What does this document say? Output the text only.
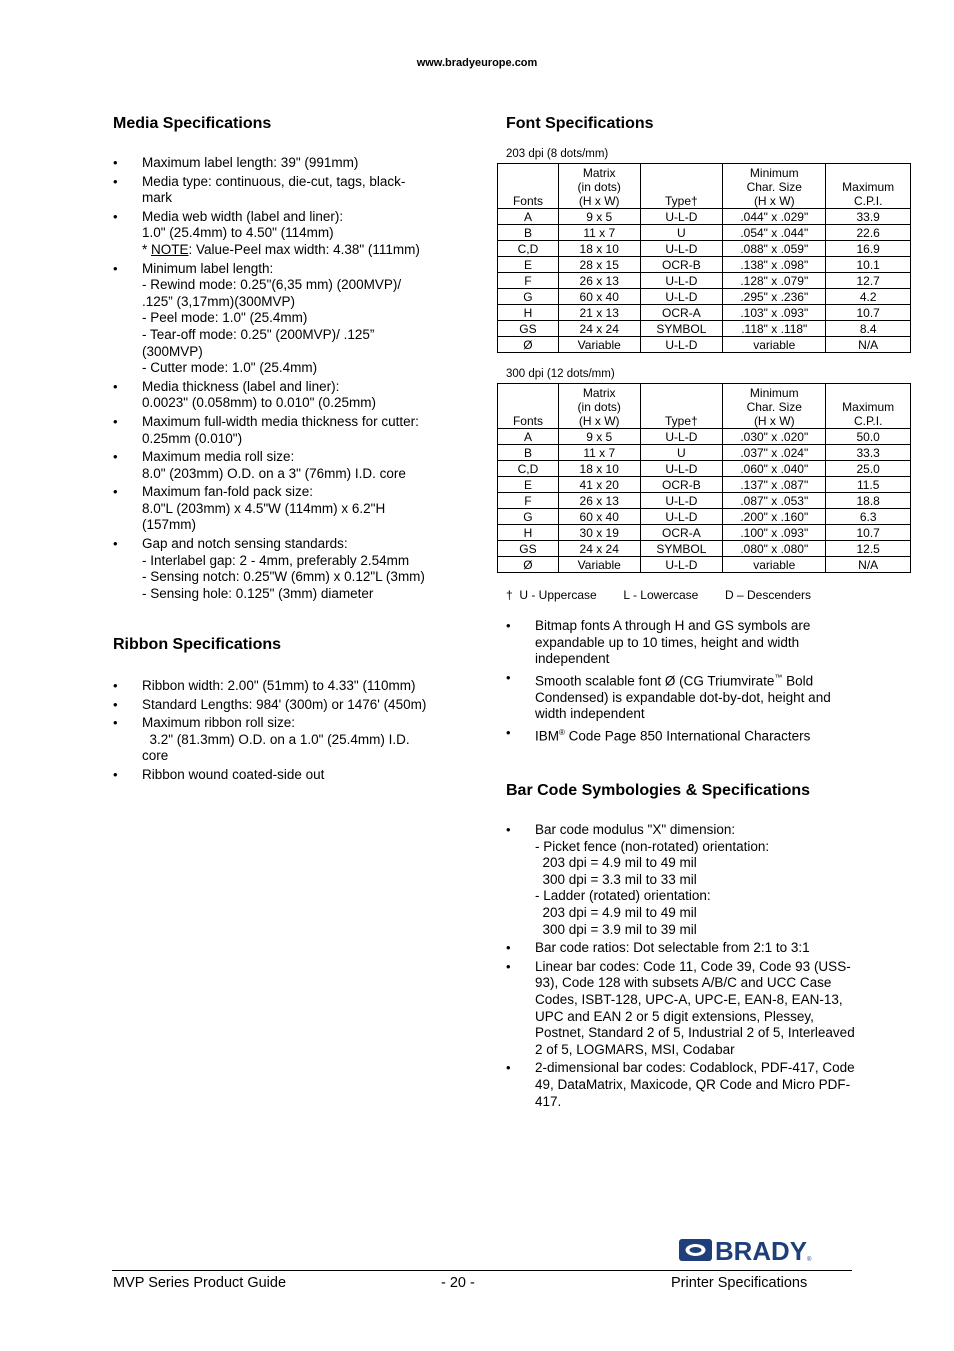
www.bradyeurope.com
Media Specifications
• Maximum label length: 39" (991mm)
• Media type: continuous, die-cut, tags, black-
mark
• Media web width (label and liner):
1.0" (25.4mm) to 4.50" (114mm)
* NOTE: Value-Peel max width: 4.38" (111mm)
• Minimum label length:
- Rewind mode: 0.25"(6,35 mm) (200MVP)/
.125” (3,17mm)(300MVP)
- Peel mode: 1.0" (25.4mm)
- Tear-off mode: 0.25" (200MVP)/ .125”
(300MVP)
- Cutter mode: 1.0" (25.4mm)
• Media thickness (label and liner):
0.0023" (0.058mm) to 0.010" (0.25mm)
• Maximum full-width media thickness for cutter:
0.25mm (0.010")
• Maximum media roll size:
8.0" (203mm) O.D. on a 3" (76mm) I.D. core
• Maximum fan-fold pack size:
8.0"L (203mm) x 4.5"W (114mm) x 6.2"H
(157mm)
• Gap and notch sensing standards:
- Interlabel gap: 2 - 4mm, preferably 2.54mm
- Sensing notch: 0.25"W (6mm) x 0.12"L (3mm)
- Sensing hole: 0.125" (3mm) diameter
Ribbon Specifications
• Ribbon width: 2.00" (51mm) to 4.33" (110mm)
• Standard Lengths: 984' (300m) or 1476' (450m)
• Maximum ribbon roll size:
3.2" (81.3mm) O.D. on a 1.0" (25.4mm) I.D.
core
• Ribbon wound coated-side out
Font Specifications
203 dpi (8 dots/mm)
Fonts	Matrix
(in dots)
(H x W)	Type†	Minimum
Char. Size
(H x W)	Maximum
C.P.I.
A	9 x 5	U-L-D	.044" x .029"	33.9
B	11 x 7	U	.054" x .044"	22.6
C,D	18 x 10	U-L-D	.088" x .059"	16.9
E	28 x 15	OCR-B	.138" x .098"	10.1
F	26 x 13	U-L-D	.128" x .079"	12.7
G	60 x 40	U-L-D	.295" x .236"	4.2
H	21 x 13	OCR-A	.103" x .093"	10.7
GS	24 x 24	SYMBOL	.118" x .118"	8.4
Ø	Variable	U-L-D	variable	N/A
300 dpi (12 dots/mm)
Fonts	Matrix
(in dots)
(H x W)	Type†	Minimum
Char. Size
(H x W)	Maximum
C.P.I.
A	9 x 5	U-L-D	.030" x .020"	50.0
B	11 x 7	U	.037" x .024"	33.3
C,D	18 x 10	U-L-D	.060" x .040"	25.0
E	41 x 20	OCR-B	.137" x .087"	11.5
F	26 x 13	U-L-D	.087" x .053"	18.8
G	60 x 40	U-L-D	.200" x .160"	6.3
H	30 x 19	OCR-A	.100" x .093"	10.7
GS	24 x 24	SYMBOL	.080" x .080"	12.5
Ø	Variable	U-L-D	variable	N/A
†  U - Uppercase        L - Lowercase        D – Descenders
• Bitmap fonts A through H and GS symbols are
expandable up to 10 times, height and width
independent
• Smooth scalable font Ø (CG Triumvirate™ Bold
Condensed) is expandable dot-by-dot, height and
width independent
• IBM® Code Page 850 International Characters
Bar Code Symbologies & Specifications
• Bar code modulus "X" dimension:
- Picket fence (non-rotated) orientation:
203 dpi = 4.9 mil to 49 mil
300 dpi = 3.3 mil to 33 mil
- Ladder (rotated) orientation:
203 dpi = 4.9 mil to 49 mil
300 dpi = 3.9 mil to 39 mil
• Bar code ratios: Dot selectable from 2:1 to 3:1
• Linear bar codes: Code 11, Code 39, Code 93 (USS-
93), Code 128 with subsets A/B/C and UCC Case
Codes, ISBT-128, UPC-A, UPC-E, EAN-8, EAN-13,
UPC and EAN 2 or 5 digit extensions, Plessey,
Postnet, Standard 2 of 5, Industrial 2 of 5, Interleaved
2 of 5, LOGMARS, MSI, Codabar
• 2-dimensional bar codes: Codablock, PDF-417, Code
49, DataMatrix, Maxicode, QR Code and Micro PDF-
417.
BRADY ®
MVP Series Product Guide	- 20 -	Printer Specifications
